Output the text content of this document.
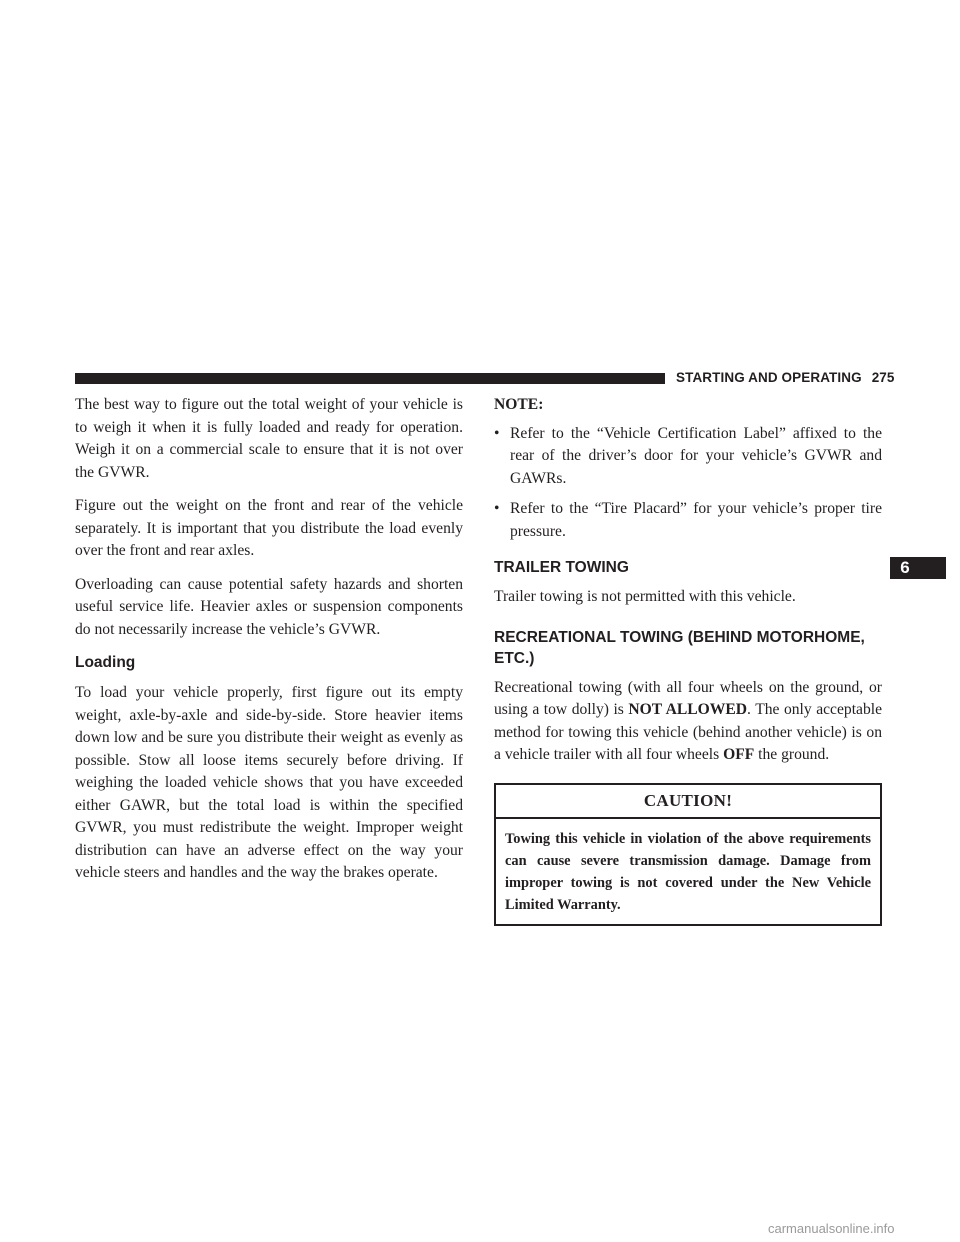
STARTING AND OPERATING 275
6

The best way to figure out the total weight of your vehicle is to weigh it when it is fully loaded and ready for operation. Weigh it on a commercial scale to ensure that it is not over the GVWR.

Figure out the weight on the front and rear of the vehicle separately. It is important that you distribute the load evenly over the front and rear axles.

Overloading can cause potential safety hazards and shorten useful service life. Heavier axles or suspension components do not necessarily increase the vehicle’s GVWR.

Loading

To load your vehicle properly, first figure out its empty weight, axle-by-axle and side-by-side. Store heavier items down low and be sure you distribute their weight as evenly as possible. Stow all loose items securely before driving. If weighing the loaded vehicle shows that you have exceeded either GAWR, but the total load is within the specified GVWR, you must redistribute the weight. Improper weight distribution can have an adverse effect on the way your vehicle steers and handles and the way the brakes operate.

NOTE:
• Refer to the “Vehicle Certification Label” affixed to the rear of the driver’s door for your vehicle’s GVWR and GAWRs.
• Refer to the “Tire Placard” for your vehicle’s proper tire pressure.
TRAILER TOWING

Trailer towing is not permitted with this vehicle.

RECREATIONAL TOWING (BEHIND MOTORHOME, ETC.)

Recreational towing (with all four wheels on the ground, or using a tow dolly) is NOT ALLOWED. The only acceptable method for towing this vehicle (behind another vehicle) is on a vehicle trailer with all four wheels OFF the ground.

CAUTION!
Towing this vehicle in violation of the above requirements can cause severe transmission damage. Damage from improper towing is not covered under the New Vehicle Limited Warranty.
carmanualsonline.info
